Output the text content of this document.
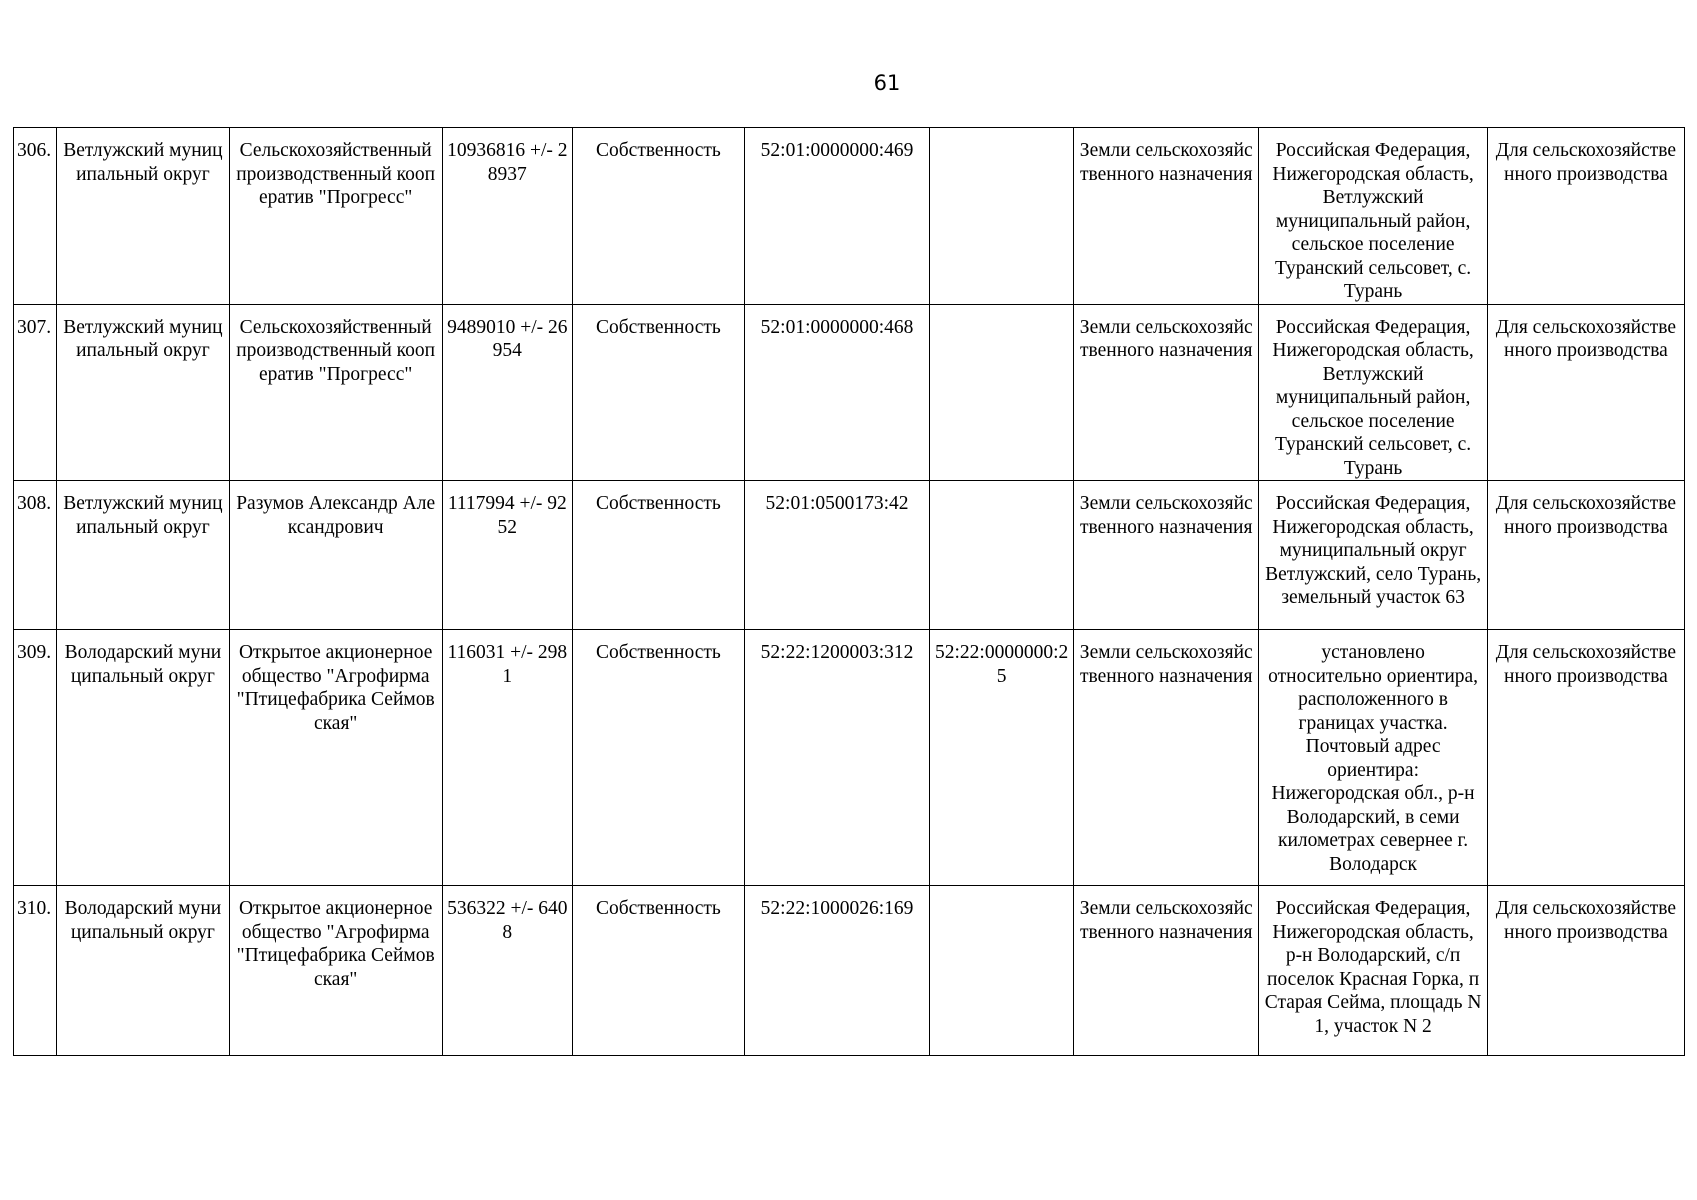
61
306.	Ветлужский муниципальный округ	Сельскохозяйственный производственный кооператив "Прогресс"	10936816 +/- 28937	Собственность	52:01:0000000:469		Земли сельскохозяйственного назначения	Российская Федерация, Нижегородская область, Ветлужский муниципальный район, сельское поселение Туранский сельсовет, с. Турань	Для сельскохозяйственного производства
307.	Ветлужский муниципальный округ	Сельскохозяйственный производственный кооператив "Прогресс"	9489010 +/- 26954	Собственность	52:01:0000000:468		Земли сельскохозяйственного назначения	Российская Федерация, Нижегородская область, Ветлужский муниципальный район, сельское поселение Туранский сельсовет, с. Турань	Для сельскохозяйственного производства
308.	Ветлужский муниципальный округ	Разумов Александр Александрович	1117994 +/- 9252	Собственность	52:01:0500173:42		Земли сельскохозяйственного назначения	Российская Федерация, Нижегородская область, муниципальный округ Ветлужский, село Турань, земельный участок 63	Для сельскохозяйственного производства
309.	Володарский муниципальный округ	Открытое акционерное общество "Агрофирма "Птицефабрика Сеймовская"	116031 +/- 2981	Собственность	52:22:1200003:312	52:22:0000000:25	Земли сельскохозяйственного назначения	установлено относительно ориентира, расположенного в границах участка. Почтовый адрес ориентира: Нижегородская обл., р-н Володарский, в семи километрах севернее г. Володарск	Для сельскохозяйственного производства
310.	Володарский муниципальный округ	Открытое акционерное общество "Агрофирма "Птицефабрика Сеймовская"	536322 +/- 6408	Собственность	52:22:1000026:169		Земли сельскохозяйственного назначения	Российская Федерация, Нижегородская область, р-н Володарский, с/п поселок Красная Горка, п Старая Сейма, площадь N 1, участок N 2	Для сельскохозяйственного производства
